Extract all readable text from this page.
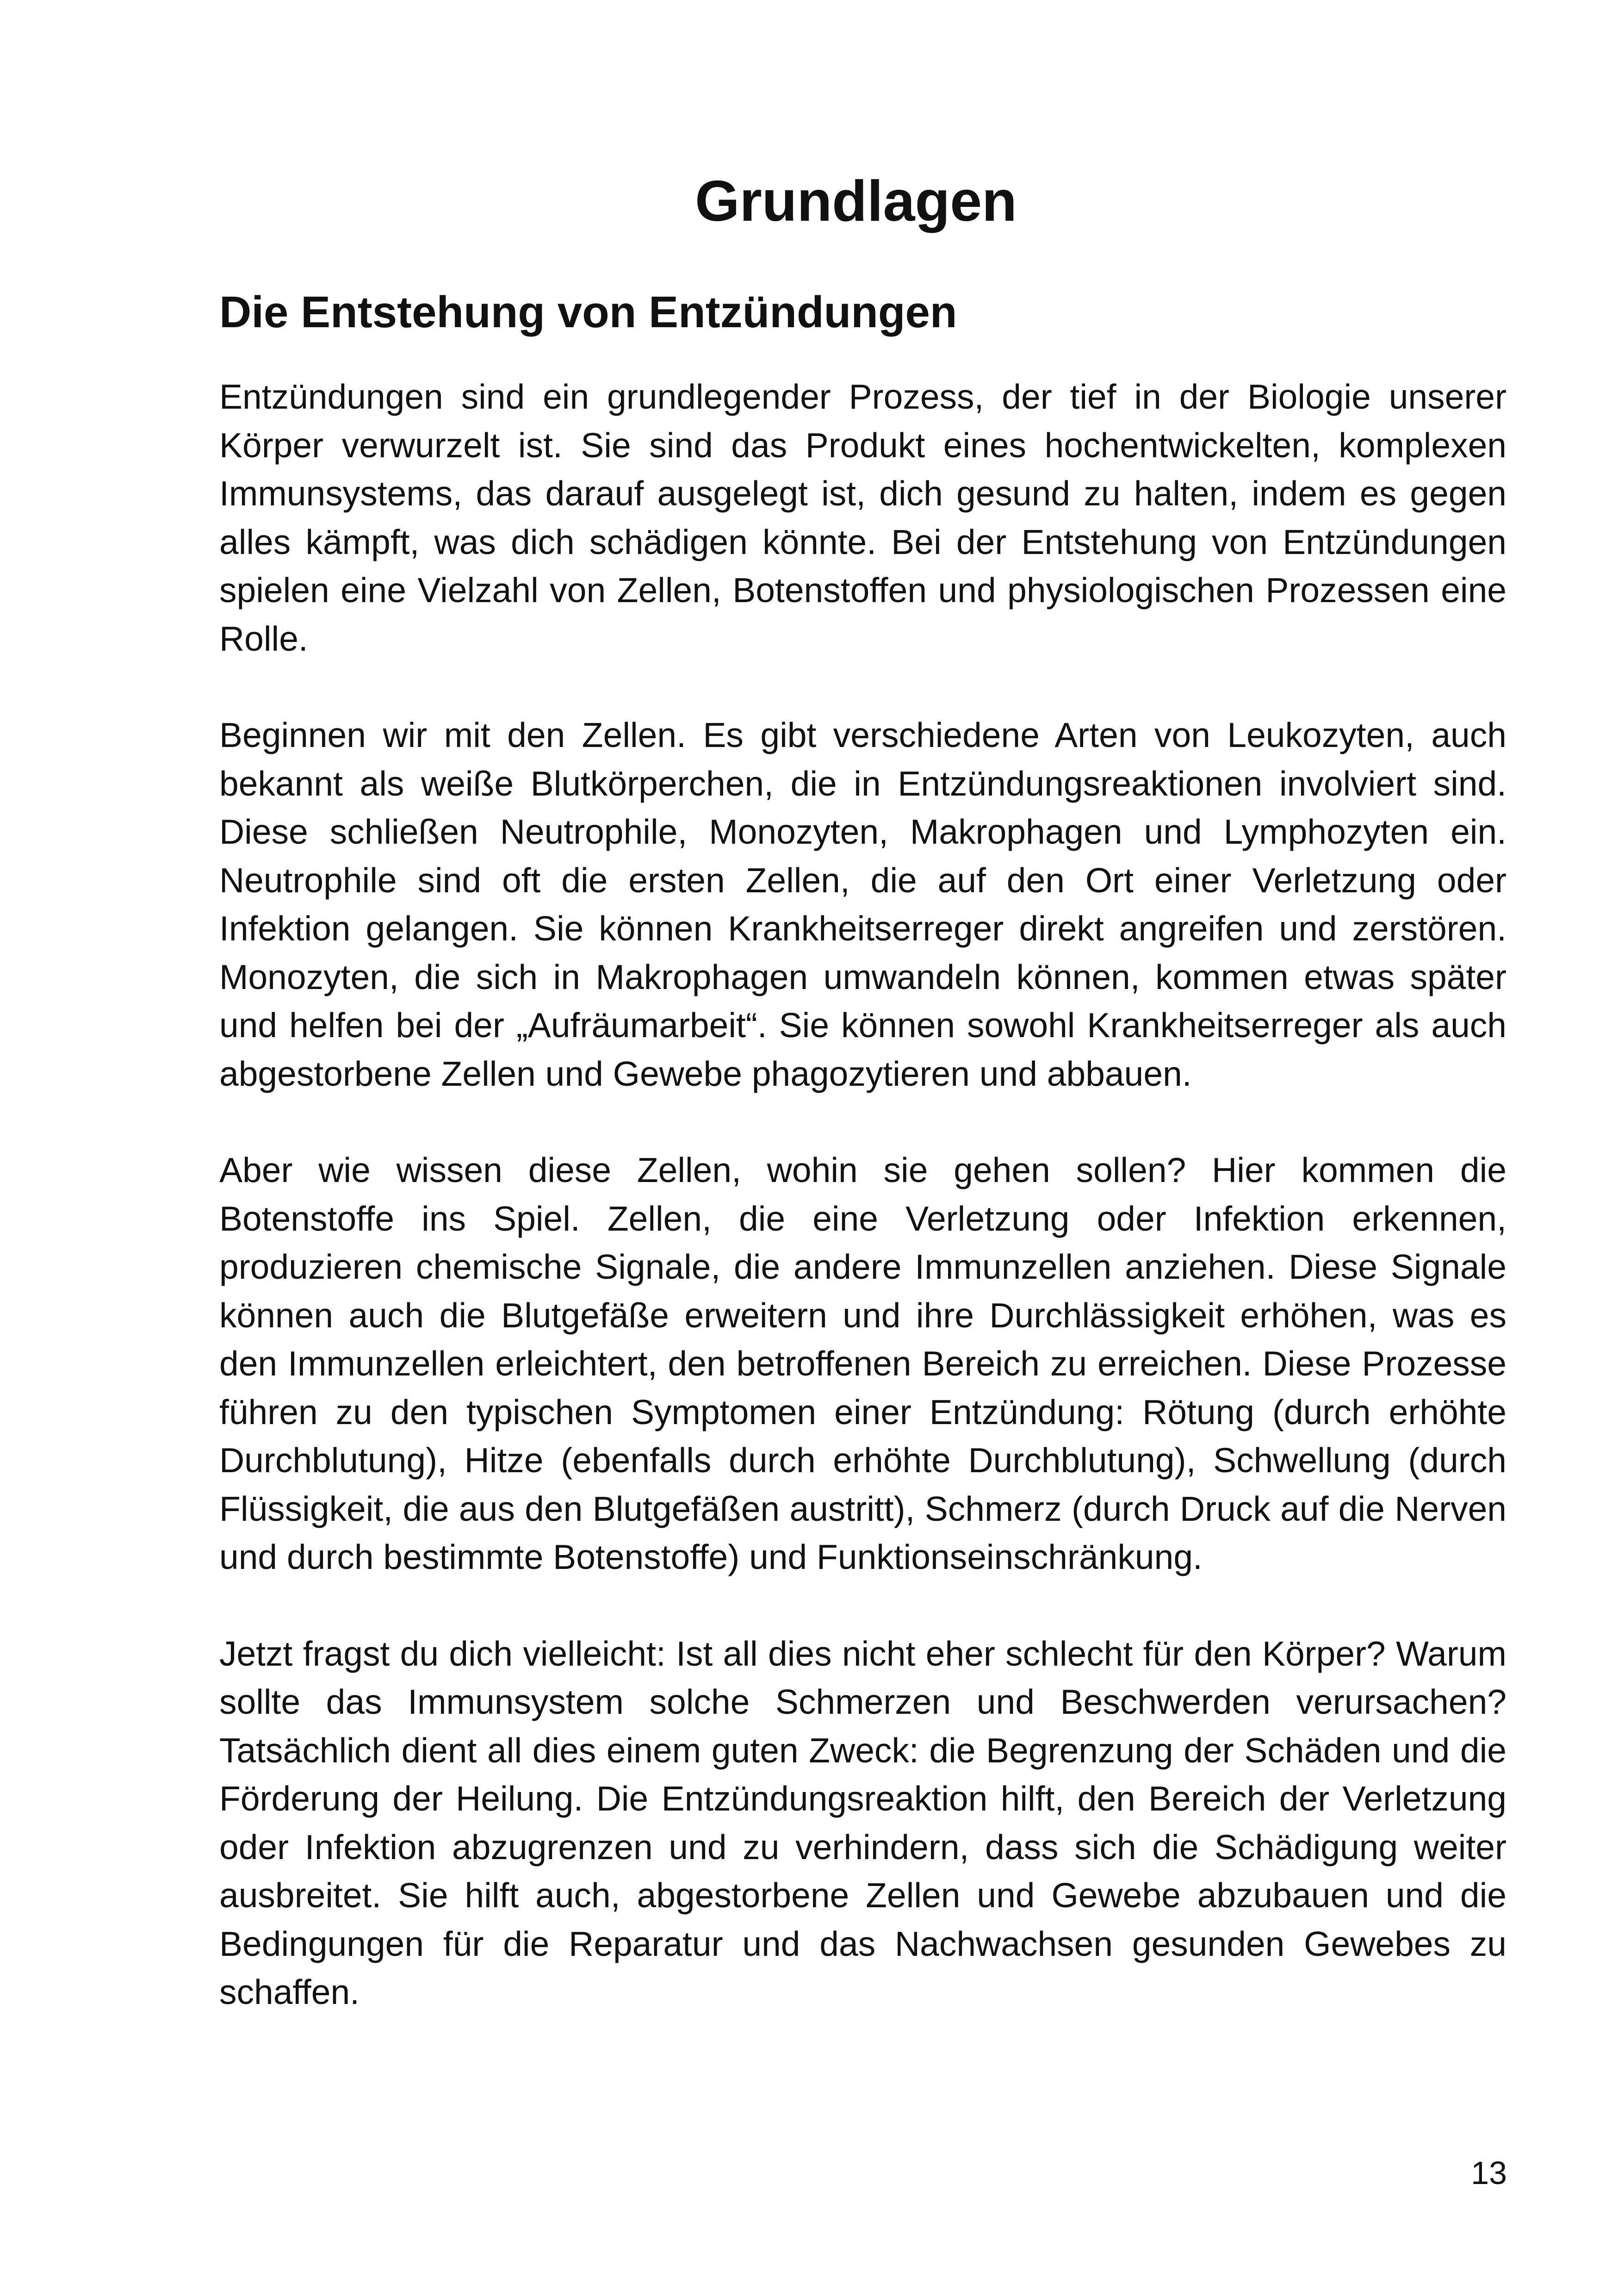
Grundlagen
Die Entstehung von Entzündungen

Entzündungen sind ein grundlegender Prozess, der tief in der Biologie unserer Körper verwurzelt ist. Sie sind das Produkt eines hochentwickelten, komplexen Immunsystems, das darauf ausgelegt ist, dich gesund zu halten, indem es gegen alles kämpft, was dich schädigen könnte. Bei der Entstehung von Entzündungen spielen eine Vielzahl von Zellen, Botenstoffen und physiologischen Prozessen eine Rolle.

Beginnen wir mit den Zellen. Es gibt verschiedene Arten von Leukozyten, auch bekannt als weiße Blutkörperchen, die in Entzündungsreaktionen involviert sind. Diese schließen Neutrophile, Monozyten, Makrophagen und Lymphozyten ein. Neutrophile sind oft die ersten Zellen, die auf den Ort einer Verletzung oder Infektion gelangen. Sie können Krankheitserreger direkt angreifen und zerstören. Monozyten, die sich in Makrophagen umwandeln können, kommen etwas später und helfen bei der „Aufräumarbeit“. Sie können sowohl Krankheitserreger als auch abgestorbene Zellen und Gewebe phagozytieren und abbauen.

Aber wie wissen diese Zellen, wohin sie gehen sollen? Hier kommen die Botenstoffe ins Spiel. Zellen, die eine Verletzung oder Infektion erkennen, produzieren chemische Signale, die andere Immunzellen anziehen. Diese Signale können auch die Blutgefäße erweitern und ihre Durchlässigkeit erhöhen, was es den Immunzellen erleichtert, den betroffenen Bereich zu erreichen. Diese Prozesse führen zu den typischen Symptomen einer Entzündung: Rötung (durch erhöhte Durchblutung), Hitze (ebenfalls durch erhöhte Durchblutung), Schwellung (durch Flüssigkeit, die aus den Blutgefäßen austritt), Schmerz (durch Druck auf die Nerven und durch bestimmte Botenstoffe) und Funktionseinschränkung.

Jetzt fragst du dich vielleicht: Ist all dies nicht eher schlecht für den Körper? Warum sollte das Immunsystem solche Schmerzen und Beschwerden verursachen? Tatsächlich dient all dies einem guten Zweck: die Begrenzung der Schäden und die Förderung der Heilung. Die Entzündungsreaktion hilft, den Bereich der Verletzung oder Infektion abzugrenzen und zu verhindern, dass sich die Schädigung weiter ausbreitet. Sie hilft auch, abgestorbene Zellen und Gewebe abzubauen und die Bedingungen für die Reparatur und das Nachwachsen gesunden Gewebes zu schaffen.

13
